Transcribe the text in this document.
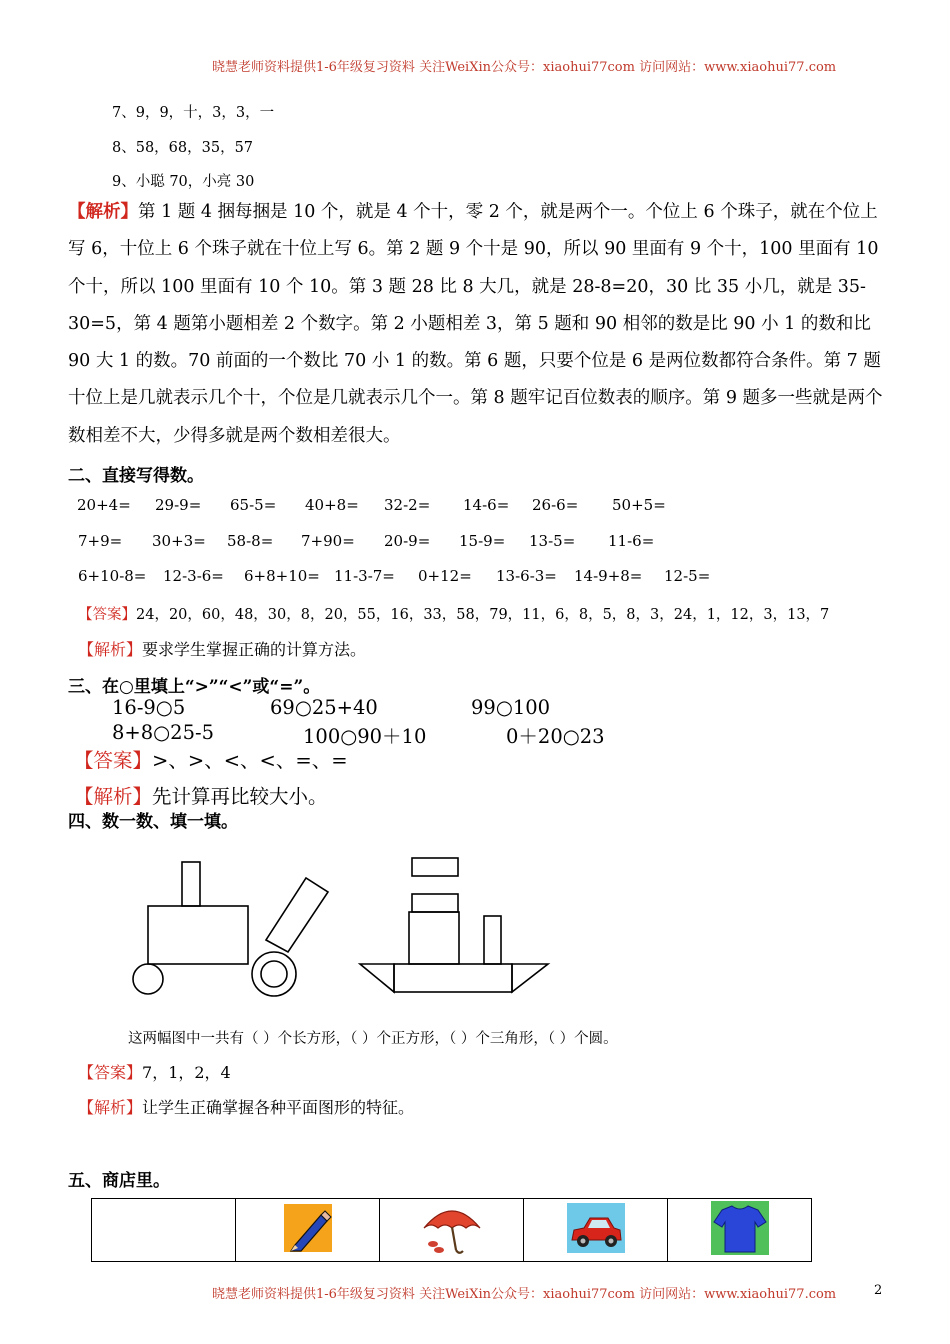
晓慧老师资料提供1-6年级复习资料 关注WeiXin公众号：xiaohui77com 访问网站：www.xiaohui77.com
7、9，9，十，3，3，一
8、58，68，35，57
9、小聪 70，小亮 30
【解析】第 1 题 4 捆每捆是 10 个，就是 4 个十，零 2 个，就是两个一。个位上 6 个珠子，就在个位上写 6，十位上 6 个珠子就在十位上写 6。第 2 题 9 个十是 90，所以 90 里面有 9 个十，100 里面有 10 个十，所以 100 里面有 10 个 10。第 3 题 28 比 8 大几，就是 28-8=20，30 比 35 小几，就是 35-30=5，第 4 题第小题相差 2 个数字。第 2 小题相差 3，第 5 题和 90 相邻的数是比 90 小 1 的数和比 90 大 1 的数。70 前面的一个数比 70 小 1 的数。第 6 题，只要个位是 6 是两位数都符合条件。第 7 题十位上是几就表示几个十，个位是几就表示几个一。第 8 题牢记百位数表的顺序。第 9 题多一些就是两个数相差不大，少得多就是两个数相差很大。
二、直接写得数。
20+4= 29-9= 65-5= 40+8= 32-2= 14-6= 26-6= 50+5=
7+9= 30+3= 58-8= 7+90= 20-9= 15-9= 13-5= 11-6=
6+10-8= 12-3-6= 6+8+10= 11-3-7= 0+12= 13-6-3= 14-9+8= 12-5=
【答案】24，20，60，48，30，8，20，55，16，33，58，79，11，6，8，5，8，3，24，1，12，3，13，7
【解析】要求学生掌握正确的计算方法。
三、在○里填上“>”“<”或“=”。
16-9○5	69○25+40	99○100
8+8○25-5	100○90＋10	0＋20○23
【答案】>、>、<、<、=、=
【解析】先计算再比较大小。
四、数一数、填一填。
这两幅图中一共有（ ）个长方形，（ ）个正方形，（ ）个三角形，（ ）个圆。
【答案】7，1，2，4
【解析】让学生正确掌握各种平面图形的特征。
五、商店里。

晓慧老师资料提供1-6年级复习资料 关注WeiXin公众号：xiaohui77com 访问网站：www.xiaohui77.com	2
